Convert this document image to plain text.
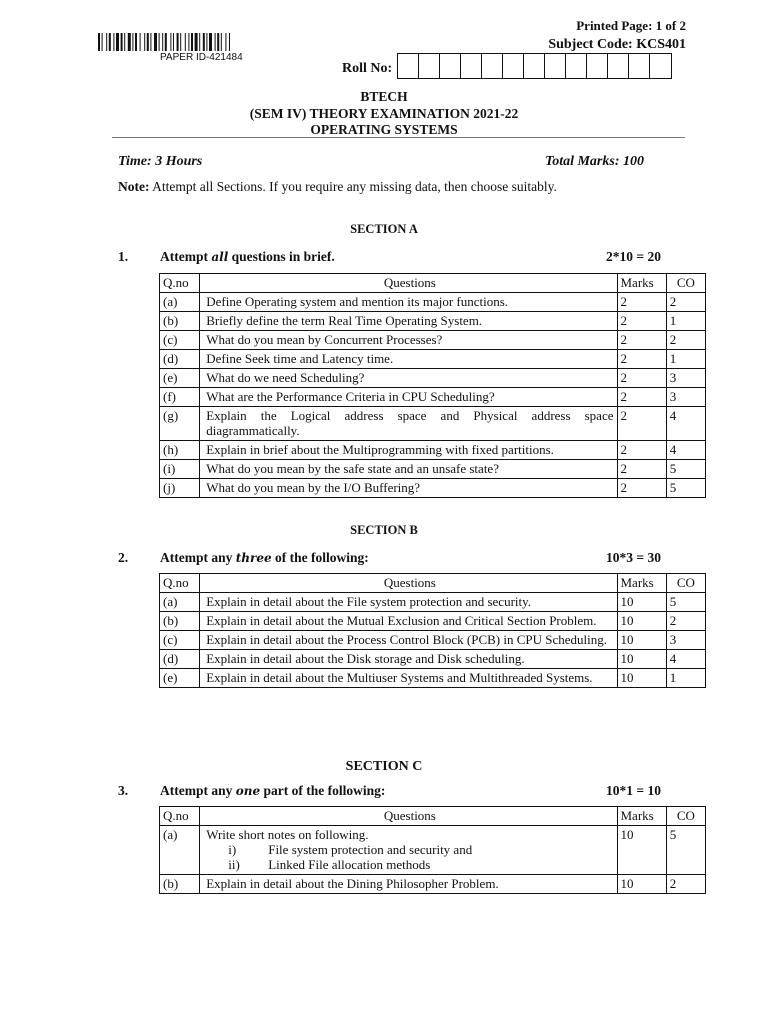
Printed Page: 1 of 2
Subject Code: KCS401
PAPER ID-421484
Roll No:
BTECH
(SEM IV) THEORY EXAMINATION 2021-22
OPERATING SYSTEMS
Time: 3 Hours	Total Marks: 100
Note: Attempt all Sections. If you require any missing data, then choose suitably.
SECTION A
1. Attempt all questions in brief.	2*10 = 20
Q.no	Questions	Marks	CO
(a)	Define Operating system and mention its major functions.	2	2
(b)	Briefly define the term Real Time Operating System.	2	1
(c)	What do you mean by Concurrent Processes?	2	2
(d)	Define Seek time and Latency time.	2	1
(e)	What do we need Scheduling?	2	3
(f)	What are the Performance Criteria in CPU Scheduling?	2	3
(g)	Explain the Logical address space and Physical address space diagrammatically.	2	4
(h)	Explain in brief about the Multiprogramming with fixed partitions.	2	4
(i)	What do you mean by the safe state and an unsafe state?	2	5
(j)	What do you mean by the I/O Buffering?	2	5
SECTION B
2. Attempt any three of the following:	10*3 = 30
Q.no	Questions	Marks	CO
(a)	Explain in detail about the File system protection and security.	10	5
(b)	Explain in detail about the Mutual Exclusion and Critical Section Problem.	10	2
(c)	Explain in detail about the Process Control Block (PCB) in CPU Scheduling.	10	3
(d)	Explain in detail about the Disk storage and Disk scheduling.	10	4
(e)	Explain in detail about the Multiuser Systems and Multithreaded Systems.	10	1
SECTION C
3. Attempt any one part of the following:	10*1 = 10
Q.no	Questions	Marks	CO
(a)	Write short notes on following.
i) File system protection and security and
ii) Linked File allocation methods	10	5
(b)	Explain in detail about the Dining Philosopher Problem.	10	2
